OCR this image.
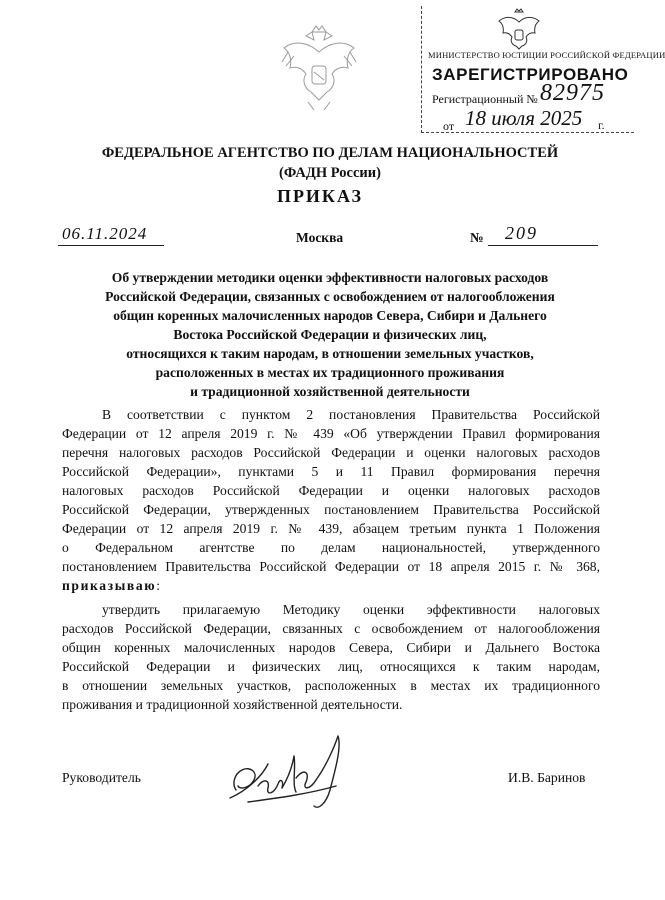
МИНИСТЕРСТВО ЮСТИЦИИ РОССИЙСКОЙ ФЕДЕРАЦИИ
ЗАРЕГИСТРИРОВАНО
Регистрационный № 82975
от 18 июля 2025 г.
ФЕДЕРАЛЬНОЕ АГЕНТСТВО ПО ДЕЛАМ НАЦИОНАЛЬНОСТЕЙ
(ФАДН России)
ПРИКАЗ
06.11.2024	Москва	№ 209
Об утверждении методики оценки эффективности налоговых расходов
Российской Федерации, связанных с освобождением от налогообложения
общин коренных малочисленных народов Севера, Сибири и Дальнего
Востока Российской Федерации и физических лиц,
относящихся к таким народам, в отношении земельных участков,
расположенных в местах их традиционного проживания
и традиционной хозяйственной деятельности
В соответствии с пунктом 2 постановления Правительства Российской
Федерации от 12 апреля 2019 г. № 439 «Об утверждении Правил формирования
перечня налоговых расходов Российской Федерации и оценки налоговых расходов
Российской Федерации», пунктами 5 и 11 Правил формирования перечня
налоговых расходов Российской Федерации и оценки налоговых расходов
Российской Федерации, утвержденных постановлением Правительства Российской
Федерации от 12 апреля 2019 г. № 439, абзацем третьим пункта 1 Положения
о Федеральном агентстве по делам национальностей, утвержденного
постановлением Правительства Российской Федерации от 18 апреля 2015 г. № 368,
приказываю:
утвердить прилагаемую Методику оценки эффективности налоговых
расходов Российской Федерации, связанных с освобождением от налогообложения
общин коренных малочисленных народов Севера, Сибири и Дальнего Востока
Российской Федерации и физических лиц, относящихся к таким народам,
в отношении земельных участков, расположенных в местах их традиционного
проживания и традиционной хозяйственной деятельности.
Руководитель	И.В. Баринов
